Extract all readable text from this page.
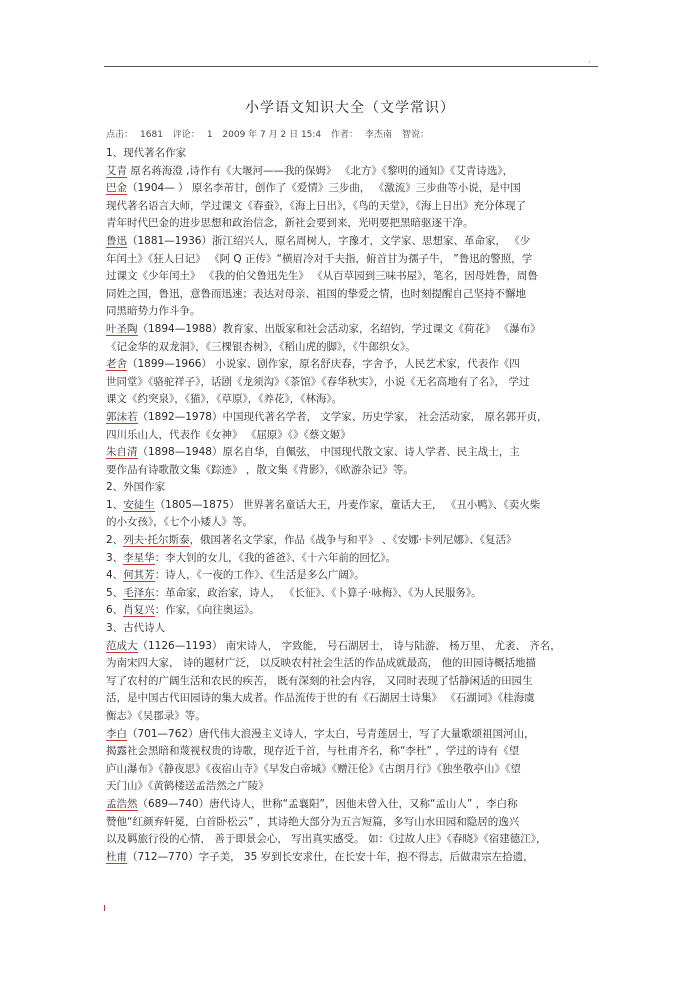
·
小学语文知识大全（文学常识）
点击： 1681 评论： 1 2009 年 7 月 2 日 15:4 作者： 李杰南 智说：
1、现代著名作家
艾青 原名蒋海澄 ,诗作有《大堰河——我的保姆》 《北方》《黎明的通知》《艾青诗选》，
巴金（1904— ） 原名李芾甘，创作了《爱情》三步曲， 《激流》三步曲等小说，是中国
现代著名语言大师，学过课文《春蚕》，《海上日出》，《鸟的天堂》，《海上日出》充分体现了
青年时代巴金的进步思想和政治信念，新社会要到来，光明要把黑暗驱逐干净。
鲁迅（1881—1936）浙江绍兴人，原名周树人，字豫才，文学家、思想家、革命家， 《少
年闰土》《狂人日记》 《阿 Q 正传》“横眉冷对千夫指，俯首甘为孺子牛， ”鲁迅的警照，学
过课文《少年闰土》 《我的伯父鲁迅先生》 《从百草园到三味书屋》，笔名，因母姓鲁，周鲁
同姓之国，鲁迅，意鲁而迅速；表达对母亲、祖国的挚爱之情，也时刻提醒自己坚持不懈地
同黑暗势力作斗争。
叶圣陶（1894—1988）教育家、出版家和社会活动家，名绍钧，学过课文《荷花》 《瀑布》
《记金华的双龙洞》，《三棵银杏树》，《稻山虎的脚》，《牛郎织女》。
老舍（1899—1966） 小说家、剧作家，原名舒庆春，字舍予，人民艺术家，代表作《四
世同堂》《骆驼祥子》，话剧《龙须沟》《茶馆》《春华秋实》，小说《无名高地有了名》， 学过
课文《约突泉》，《猫》，《草原》，《养花》，《林海》。
郭沫若（1892—1978）中国现代著名学者， 文学家、历史学家， 社会活动家， 原名郭开贞，
四川乐山人，代表作《女神》 《屈原》《》《蔡文姬》
朱自清（1898—1948）原名自华，自佩弦， 中国现代散文家、诗人学者、民主战士，主
要作品有诗歌散文集《踪迹》 ，散文集《背影》，《欧游杂记》等。
2、外国作家
1、安徒生（1805—1875） 世界著名童话大王，丹麦作家，童话大王， 《丑小鸭》、《卖火柴
的小女孩》，《七个小矮人》等。
2、列夫·托尔斯泰，俄国著名文学家，作品《战争与和平》 、《安娜·卡列尼娜》、《复活》
3、李星华：李大钊的女儿，《我的爸爸》、《十六年前的回忆》。
4、何其芳：诗人，《一夜的工作》、《生活是多么广阔》。
5、毛泽东：革命家，政治家，诗人， 《长征》、《卜算子·咏梅》、《为人民服务》。
6、肖复兴：作家，《向往奥运》。
3、古代诗人
范成大（1126—1193） 南宋诗人， 字致能， 号石湖居士， 诗与陆游、 杨万里、 尤袤、 齐名，
为南宋四大家， 诗的题材广泛， 以反映农村社会生活的作品成就最高， 他的田园诗概括地描
写了农村的广阔生活和农民的疾苦， 既有深刻的社会内容， 又同时表现了恬静闲适的田园生
活，是中国古代田园诗的集大成者。作品流传于世的有《石湖居士诗集》 《石湖词》《桂海虞
衡志》《吴郡录》等。
李白（701—762）唐代伟大浪漫主义诗人，字太白，号青莲居士，写了大量歌颂祖国河山，
揭露社会黑暗和蔑视权贵的诗歌，现存近千首，与杜甫齐名，称“李杜” ，学过的诗有《望
庐山瀑布》《静夜思》《夜宿山寺》《早发白帝城》《赠汪伦》《古朗月行》《独坐敬亭山》《望
天门山》《黄鹤楼送孟浩然之广陵》
孟浩然（689—740）唐代诗人，世称“孟襄阳”，因他未曾入仕，又称“孟山人” ，李白称
赞他“红颜弃轩冕，白首卧松云” ，其诗绝大部分为五言短篇，多写山水田园和隐居的逸兴
以及羁旅行役的心情， 善于即景会心， 写出真实感受。 如：《过故人庄》《春晓》《宿建德江》，
杜甫（712—770）字子美， 35 岁到长安求仕，在长安十年，抱不得志，后做肃宗左拾遗，
